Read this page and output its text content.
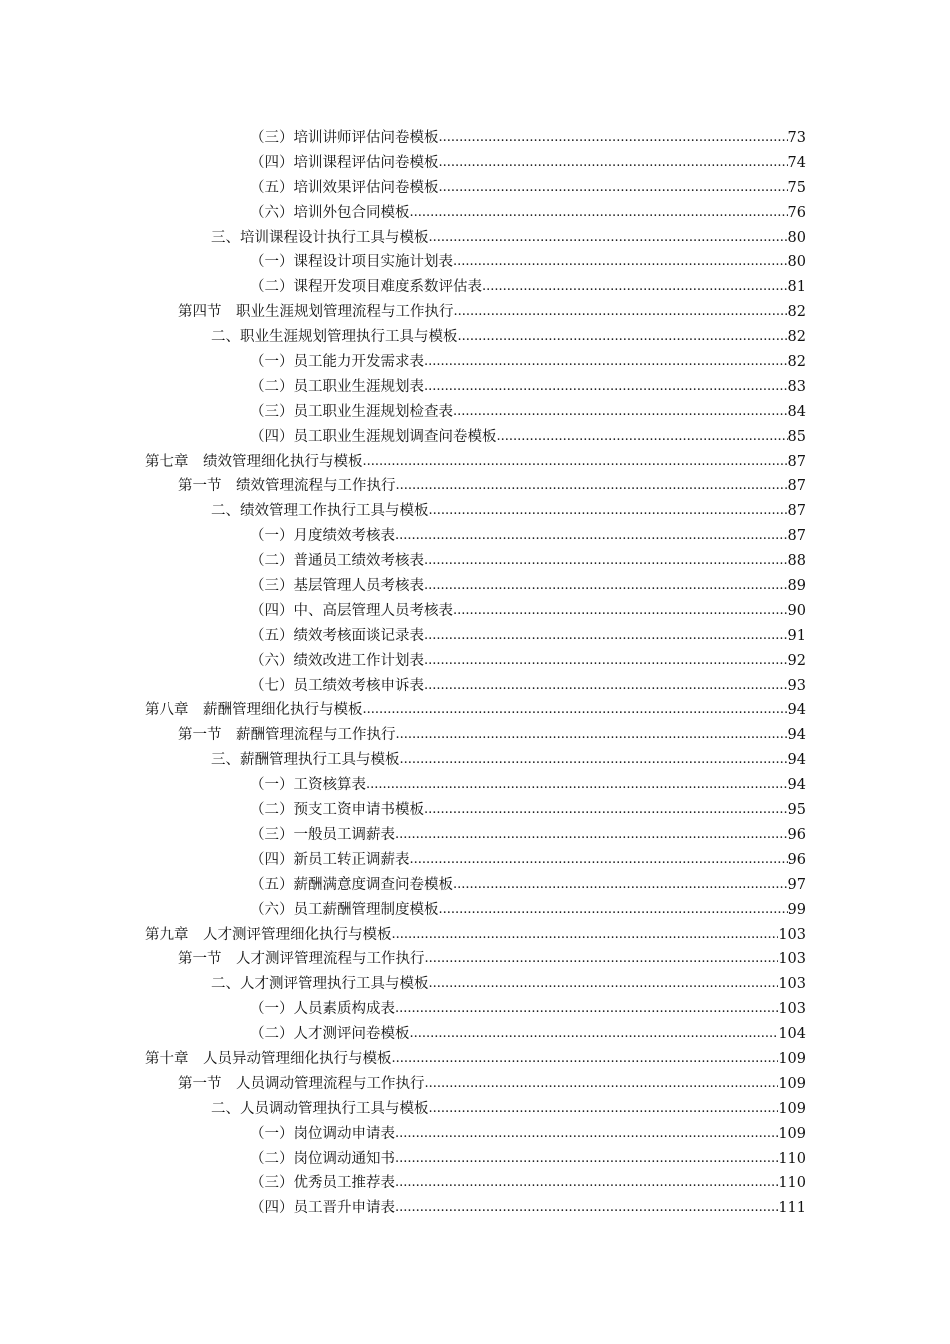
（三）培训讲师评估问卷模板 .....	73
（四）培训课程评估问卷模板 .....	74
（五）培训效果评估问卷模板 .....	75
（六）培训外包合同模板 .....	76
三、培训课程设计执行工具与模板 .....	80
（一）课程设计项目实施计划表 .....	80
（二）课程开发项目难度系数评估表 .....	81
第四节　职业生涯规划管理流程与工作执行 .....	82
二、职业生涯规划管理执行工具与模板 .....	82
（一）员工能力开发需求表 .....	82
（二）员工职业生涯规划表 .....	83
（三）员工职业生涯规划检查表 .....	84
（四）员工职业生涯规划调查问卷模板 .....	85
第七章　绩效管理细化执行与模板 .....	87
第一节　绩效管理流程与工作执行 .....	87
二、绩效管理工作执行工具与模板 .....	87
（一）月度绩效考核表 .....	87
（二）普通员工绩效考核表 .....	88
（三）基层管理人员考核表 .....	89
（四）中、高层管理人员考核表 .....	90
（五）绩效考核面谈记录表 .....	91
（六）绩效改进工作计划表 .....	92
（七）员工绩效考核申诉表 .....	93
第八章　薪酬管理细化执行与模板 .....	94
第一节　薪酬管理流程与工作执行 .....	94
三、薪酬管理执行工具与模板 .....	94
（一）工资核算表 .....	94
（二）预支工资申请书模板 .....	95
（三）一般员工调薪表 .....	96
（四）新员工转正调薪表 .....	96
（五）薪酬满意度调查问卷模板 .....	97
（六）员工薪酬管理制度模板 .....	99
第九章　人才测评管理细化执行与模板 .....	103
第一节　人才测评管理流程与工作执行 .....	103
二、人才测评管理执行工具与模板 .....	103
（一）人员素质构成表 .....	103
（二）人才测评问卷模板 .....	104
第十章　人员异动管理细化执行与模板 .....	109
第一节　人员调动管理流程与工作执行 .....	109
二、人员调动管理执行工具与模板 .....	109
（一）岗位调动申请表 .....	109
（二）岗位调动通知书 .....	110
（三）优秀员工推荐表 .....	110
（四）员工晋升申请表 .....	111
